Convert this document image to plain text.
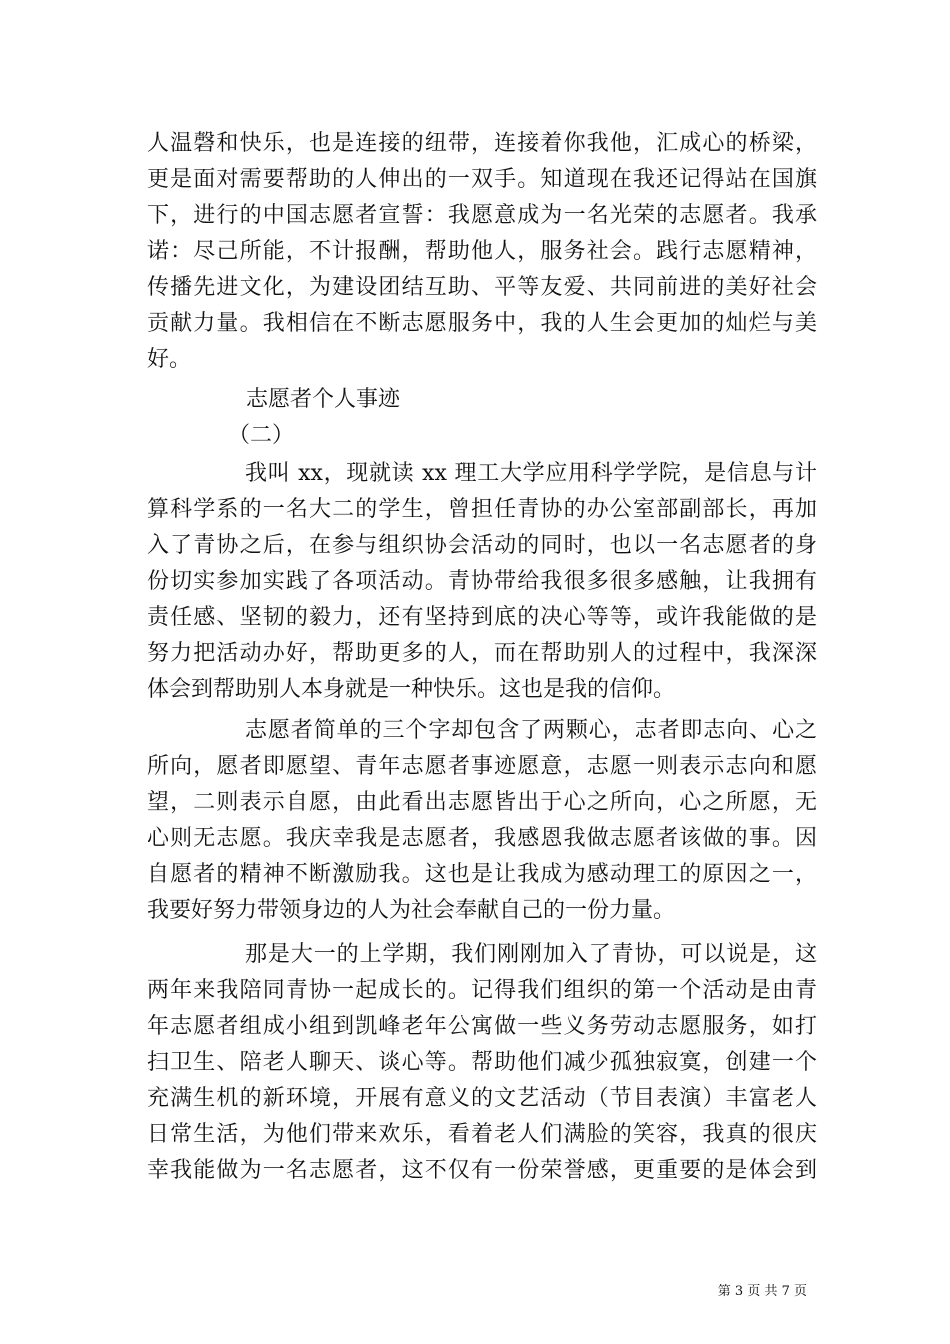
人温磬和快乐，也是连接的纽带，连接着你我他，汇成心的桥梁，
更是面对需要帮助的人伸出的一双手。知道现在我还记得站在国旗
下，进行的中国志愿者宣誓：我愿意成为一名光荣的志愿者。我承
诺：尽己所能，不计报酬，帮助他人，服务社会。践行志愿精神，
传播先进文化，为建设团结互助、平等友爱、共同前进的美好社会
贡献力量。我相信在不断志愿服务中，我的人生会更加的灿烂与美
好。
志愿者个人事迹
（二）
我叫 xx，现就读 xx 理工大学应用科学学院，是信息与计
算科学系的一名大二的学生，曾担任青协的办公室部副部长，再加
入了青协之后，在参与组织协会活动的同时，也以一名志愿者的身
份切实参加实践了各项活动。青协带给我很多很多感触，让我拥有
责任感、坚韧的毅力，还有坚持到底的决心等等，或许我能做的是
努力把活动办好，帮助更多的人，而在帮助别人的过程中，我深深
体会到帮助别人本身就是一种快乐。这也是我的信仰。
志愿者简单的三个字却包含了两颗心，志者即志向、心之
所向，愿者即愿望、青年志愿者事迹愿意，志愿一则表示志向和愿
望，二则表示自愿，由此看出志愿皆出于心之所向，心之所愿，无
心则无志愿。我庆幸我是志愿者，我感恩我做志愿者该做的事。因
自愿者的精神不断激励我。这也是让我成为感动理工的原因之一，
我要好努力带领身边的人为社会奉献自己的一份力量。
那是大一的上学期，我们刚刚加入了青协，可以说是，这
两年来我陪同青协一起成长的。记得我们组织的第一个活动是由青
年志愿者组成小组到凯峰老年公寓做一些义务劳动志愿服务，如打
扫卫生、陪老人聊天、谈心等。帮助他们减少孤独寂寞，创建一个
充满生机的新环境，开展有意义的文艺活动（节目表演）丰富老人
日常生活，为他们带来欢乐，看着老人们满脸的笑容，我真的很庆
幸我能做为一名志愿者，这不仅有一份荣誉感，更重要的是体会到
第 3 页 共 7 页
